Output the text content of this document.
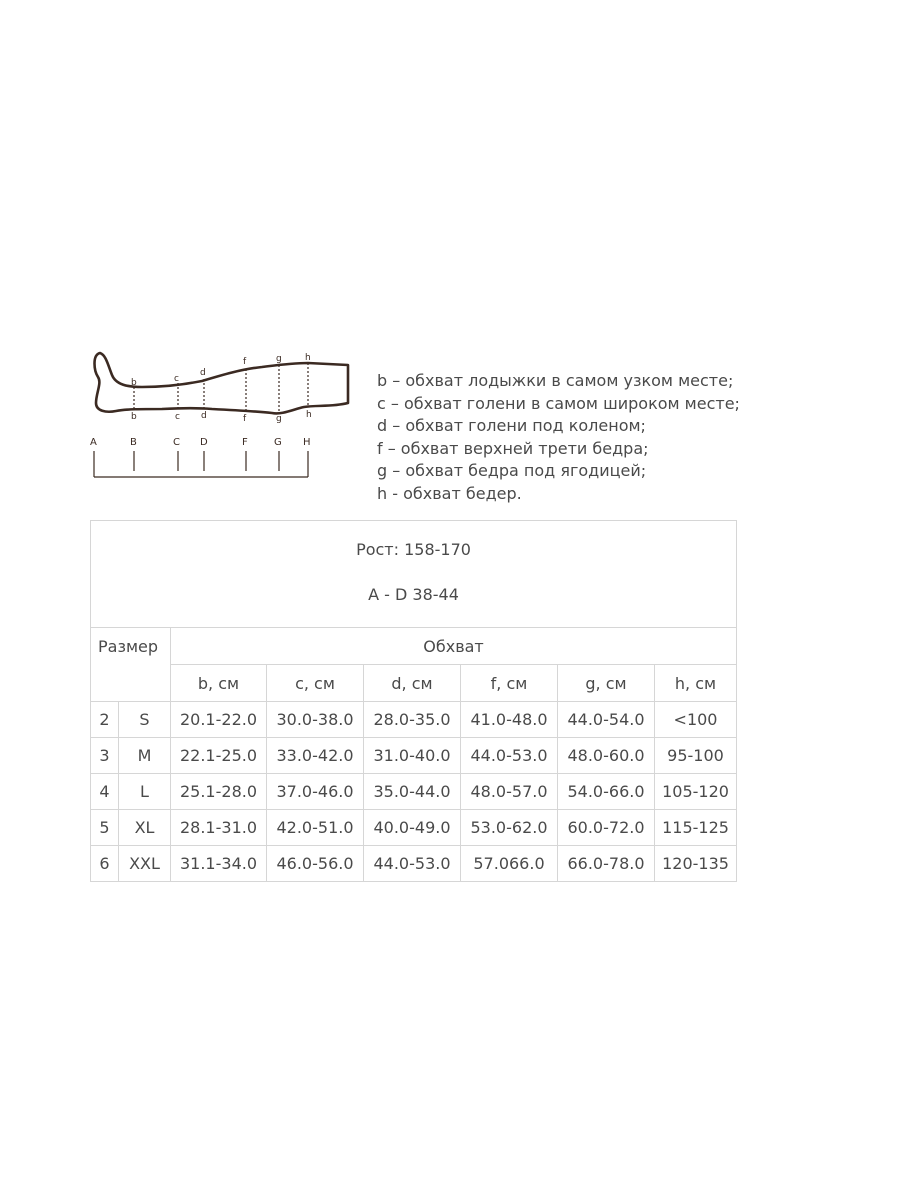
b	c
d
f	g	h
b	c d	f	g	h
A	B	C D	F	G H
b – обхват лодыжки в самом узком месте;
c – обхват голени в самом широком месте;
d – обхват голени под коленом;
f – обхват верхней трети бедра;
g – обхват бедра под ягодицей;
h - обхват бедер.
Рост: 158-170
A - D 38-44							

Размер		Обхват					
		b, см	c, см	d, см	f, см	g, см	h, см
2	S	20.1-22.0	30.0-38.0	28.0-35.0	41.0-48.0	44.0-54.0	<100
3	M	22.1-25.0	33.0-42.0	31.0-40.0	44.0-53.0	48.0-60.0	95-100
4	L	25.1-28.0	37.0-46.0	35.0-44.0	48.0-57.0	54.0-66.0	105-120
5	XL	28.1-31.0	42.0-51.0	40.0-49.0	53.0-62.0	60.0-72.0	115-125
6	XXL	31.1-34.0	46.0-56.0	44.0-53.0	57.066.0	66.0-78.0	120-135
